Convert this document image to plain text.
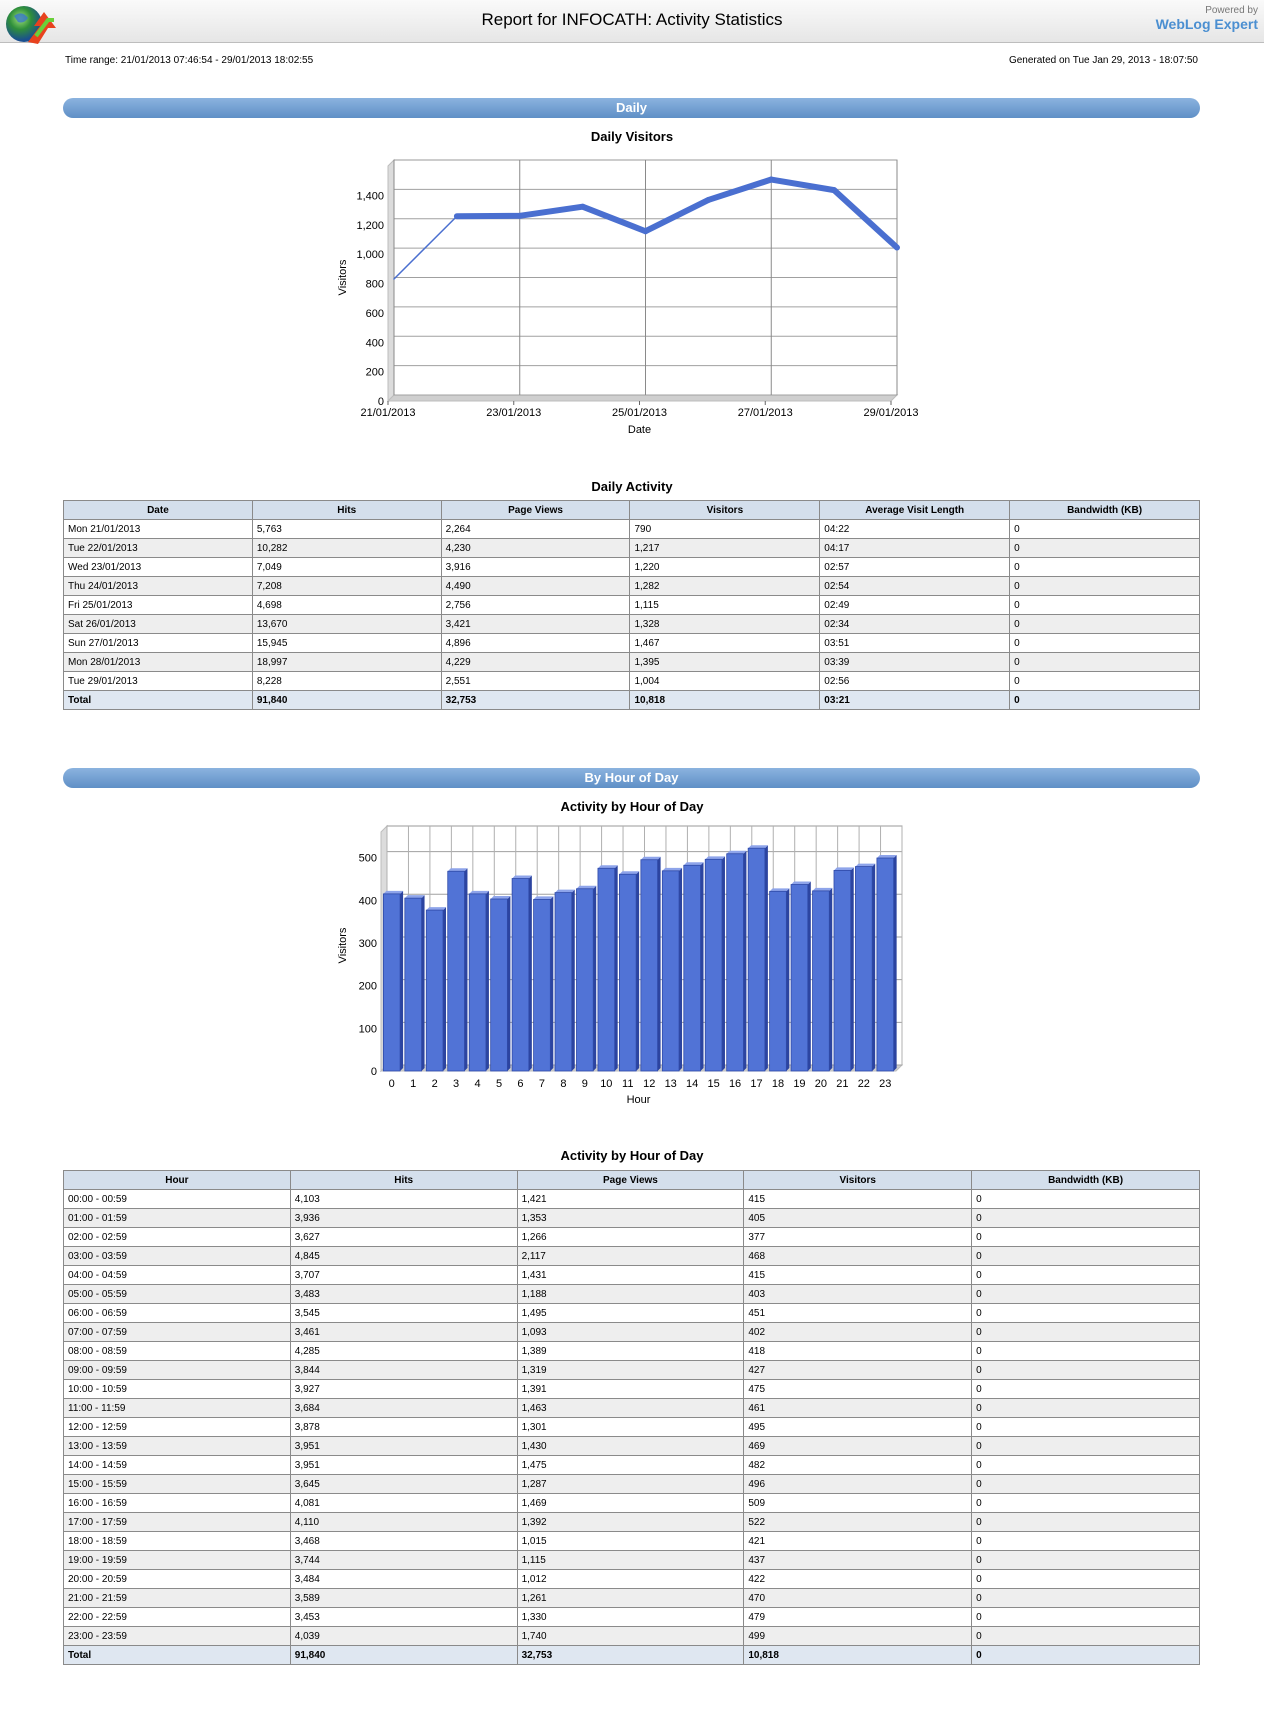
Report for INFOCATH: Activity Statistics	Powered by
WebLog Expert
Time range: 21/01/2013 07:46:54 - 29/01/2013 18:02:55	Generated on Tue Jan 29, 2013 - 18:07:50
Daily
Daily Visitors
0
200
400
600
800
1,000
1,200
1,400
21/01/2013	23/01/2013	25/01/2013	27/01/2013	29/01/2013
Date
Visitors
Daily Activity
Date	Hits	Page Views	Visitors	Average Visit Length	Bandwidth (KB)
Mon 21/01/2013	5,763	2,264	790	04:22	0
Tue 22/01/2013	10,282	4,230	1,217	04:17	0
Wed 23/01/2013	7,049	3,916	1,220	02:57	0
Thu 24/01/2013	7,208	4,490	1,282	02:54	0
Fri 25/01/2013	4,698	2,756	1,115	02:49	0
Sat 26/01/2013	13,670	3,421	1,328	02:34	0
Sun 27/01/2013	15,945	4,896	1,467	03:51	0
Mon 28/01/2013	18,997	4,229	1,395	03:39	0
Tue 29/01/2013	8,228	2,551	1,004	02:56	0
Total	91,840	32,753	10,818	03:21	0
By Hour of Day
Activity by Hour of Day
0
100
200
300
400
500
0 1 2 3 4 5 6 7 8 9 10 11 12 13 14 15 16 17 18 19 20 21 22 23
Hour
Visitors
Activity by Hour of Day
Hour	Hits	Page Views	Visitors	Bandwidth (KB)
00:00 - 00:59	4,103	1,421	415	0
01:00 - 01:59	3,936	1,353	405	0
02:00 - 02:59	3,627	1,266	377	0
03:00 - 03:59	4,845	2,117	468	0
04:00 - 04:59	3,707	1,431	415	0
05:00 - 05:59	3,483	1,188	403	0
06:00 - 06:59	3,545	1,495	451	0
07:00 - 07:59	3,461	1,093	402	0
08:00 - 08:59	4,285	1,389	418	0
09:00 - 09:59	3,844	1,319	427	0
10:00 - 10:59	3,927	1,391	475	0
11:00 - 11:59	3,684	1,463	461	0
12:00 - 12:59	3,878	1,301	495	0
13:00 - 13:59	3,951	1,430	469	0
14:00 - 14:59	3,951	1,475	482	0
15:00 - 15:59	3,645	1,287	496	0
16:00 - 16:59	4,081	1,469	509	0
17:00 - 17:59	4,110	1,392	522	0
18:00 - 18:59	3,468	1,015	421	0
19:00 - 19:59	3,744	1,115	437	0
20:00 - 20:59	3,484	1,012	422	0
21:00 - 21:59	3,589	1,261	470	0
22:00 - 22:59	3,453	1,330	479	0
23:00 - 23:59	4,039	1,740	499	0
Total	91,840	32,753	10,818	0
